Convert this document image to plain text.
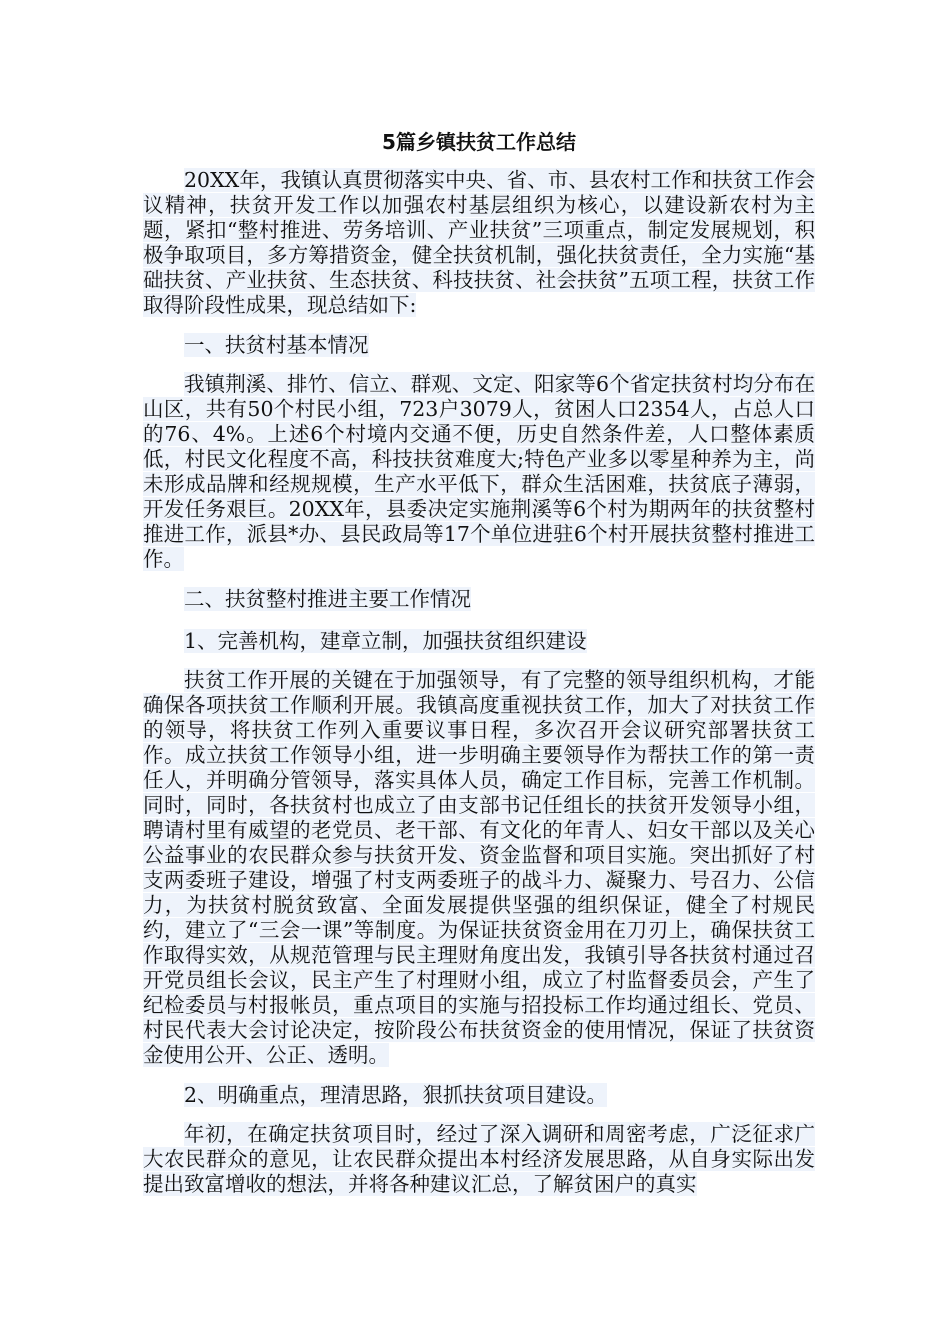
5篇乡镇扶贫工作总结

20XX年，我镇认真贯彻落实中央、省、市、县农村工作和扶贫工作会议精神，扶贫开发工作以加强农村基层组织为核心，以建设新农村为主题，紧扣“整村推进、劳务培训、产业扶贫”三项重点，制定发展规划，积极争取项目，多方筹措资金，健全扶贫机制，强化扶贫责任，全力实施“基础扶贫、产业扶贫、生态扶贫、科技扶贫、社会扶贫”五项工程，扶贫工作取得阶段性成果，现总结如下:

一、扶贫村基本情况

我镇荆溪、排竹、信立、群观、文定、阳家等6个省定扶贫村均分布在山区，共有50个村民小组，723户3079人，贫困人口2354人，占总人口的76、4%。上述6个村境内交通不便，历史自然条件差，人口整体素质低，村民文化程度不高，科技扶贫难度大;特色产业多以零星种养为主，尚未形成品牌和经规规模，生产水平低下，群众生活困难，扶贫底子薄弱，开发任务艰巨。20XX年，县委决定实施荆溪等6个村为期两年的扶贫整村推进工作，派县*办、县民政局等17个单位进驻6个村开展扶贫整村推进工作。

二、扶贫整村推进主要工作情况

1、完善机构，建章立制，加强扶贫组织建设

扶贫工作开展的关键在于加强领导，有了完整的领导组织机构，才能确保各项扶贫工作顺利开展。我镇高度重视扶贫工作，加大了对扶贫工作的领导，将扶贫工作列入重要议事日程，多次召开会议研究部署扶贫工作。成立扶贫工作领导小组，进一步明确主要领导作为帮扶工作的第一责任人，并明确分管领导，落实具体人员，确定工作目标，完善工作机制。同时，同时，各扶贫村也成立了由支部书记任组长的扶贫开发领导小组，聘请村里有威望的老党员、老干部、有文化的年青人、妇女干部以及关心公益事业的农民群众参与扶贫开发、资金监督和项目实施。突出抓好了村支两委班子建设，增强了村支两委班子的战斗力、凝聚力、号召力、公信力，为扶贫村脱贫致富、全面发展提供坚强的组织保证，健全了村规民约，建立了“三会一课”等制度。为保证扶贫资金用在刀刃上，确保扶贫工作取得实效，从规范管理与民主理财角度出发，我镇引导各扶贫村通过召开党员组长会议，民主产生了村理财小组，成立了村监督委员会，产生了纪检委员与村报帐员，重点项目的实施与招投标工作均通过组长、党员、村民代表大会讨论决定，按阶段公布扶贫资金的使用情况，保证了扶贫资金使用公开、公正、透明。

2、明确重点，理清思路，狠抓扶贫项目建设。

年初，在确定扶贫项目时，经过了深入调研和周密考虑，广泛征求广大农民群众的意见，让农民群众提出本村经济发展思路，从自身实际出发提出致富增收的想法，并将各种建议汇总，了解贫困户的真实
